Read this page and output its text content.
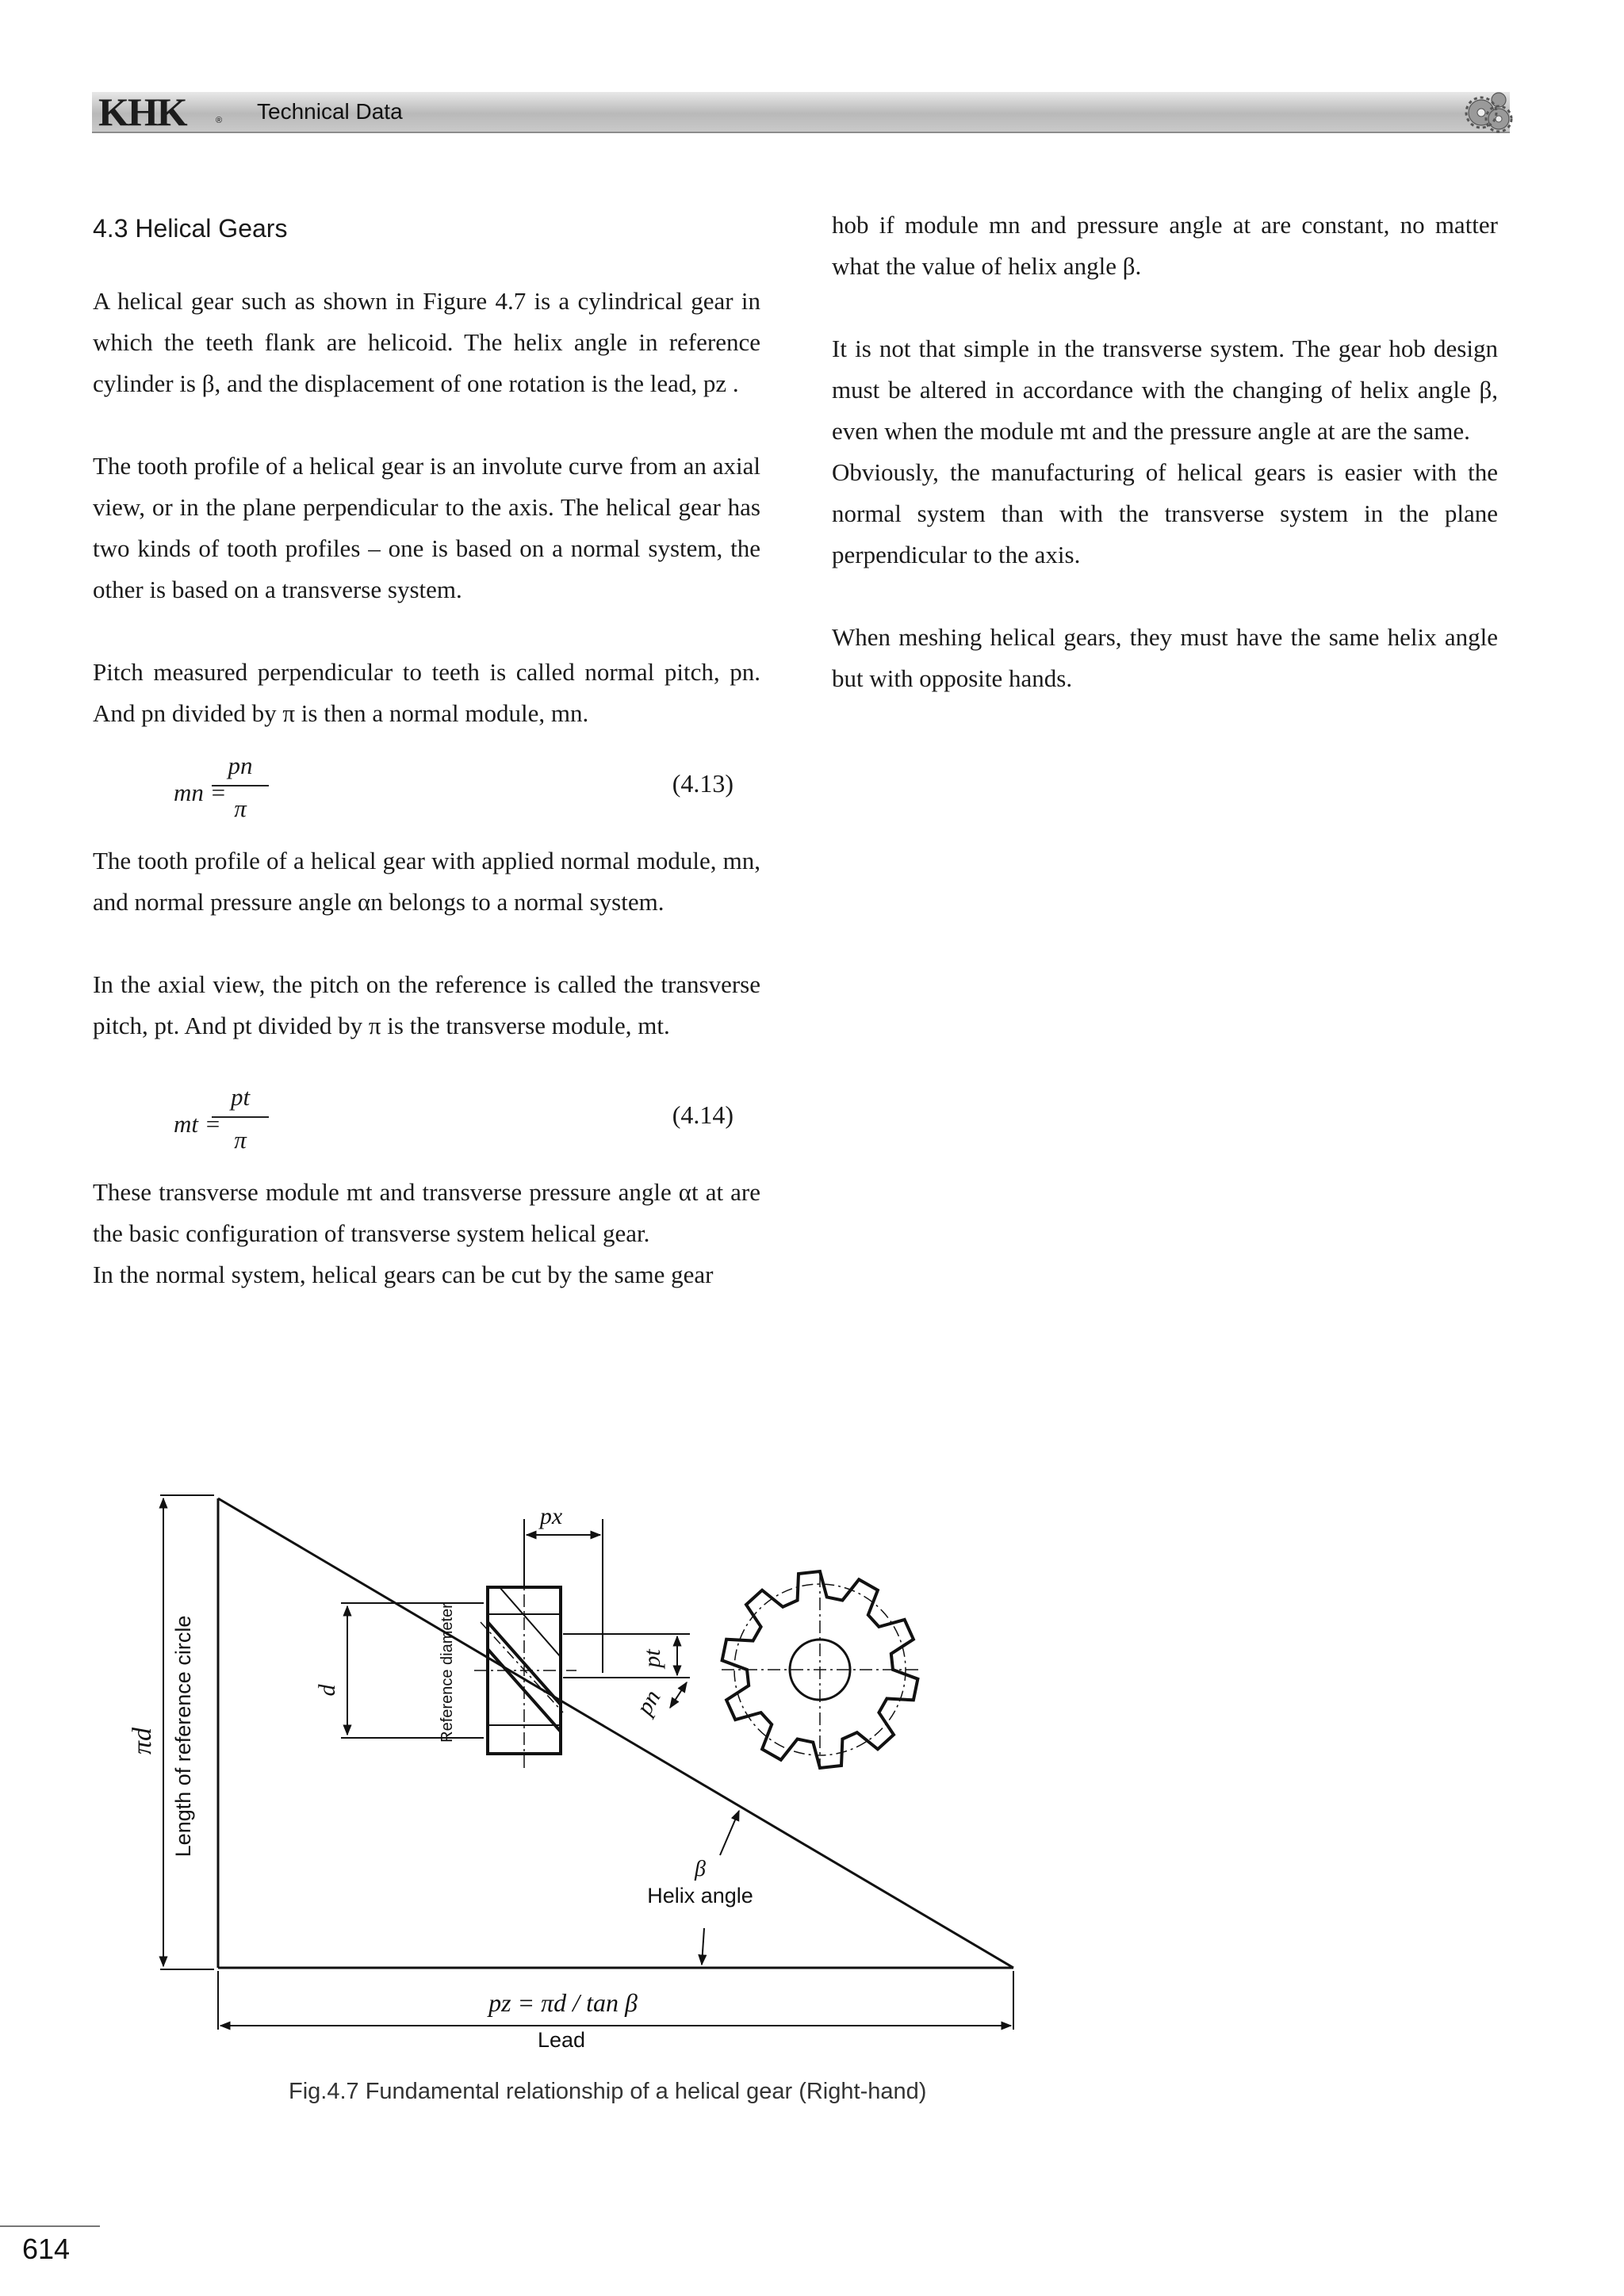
KHK	® Technical Data
4.3 Helical Gears

A helical gear such as shown in Figure 4.7 is a cylindrical gear in which the teeth flank are helicoid. The helix angle in reference cylinder is β, and the displacement of one rotation is the lead, pz .

The tooth profile of a helical gear is an involute curve from an axial view, or in the plane perpendicular to the axis. The helical gear has two kinds of tooth profiles – one is based on a normal system, the other is based on a transverse system.

Pitch measured perpendicular to teeth is called normal pitch, pn. And pn divided by π is then a normal module, mn.

mn =
pn
π
(4.13)

The tooth profile of a helical gear with applied normal module, mn, and normal pressure angle αn belongs to a normal system.

In the axial view, the pitch on the reference is called the transverse pitch, pt. And pt divided by π is the transverse module, mt.

mt =
pt
π
(4.14)

These transverse module mt and transverse pressure angle αt at are the basic configuration of transverse system helical gear.

In the normal system, helical gears can be cut by the same gear

hob if module mn and pressure angle at are constant, no matter what the value of helix angle β.

It is not that simple in the transverse system. The gear hob design must be altered in accordance with the changing of helix angle β, even when the module mt and the pressure angle at are the same.

Obviously, the manufacturing of helical gears is easier with the normal system than with the transverse system in the plane perpendicular to the axis.

When meshing helical gears, they must have the same helix angle but with opposite hands.

px
pt
pn
d
πd
β
pz = πd / tan β
Reference diameter
Length of reference circle
Helix angle
Lead
Fig.4.7 Fundamental relationship of a helical gear (Right-hand)
614
